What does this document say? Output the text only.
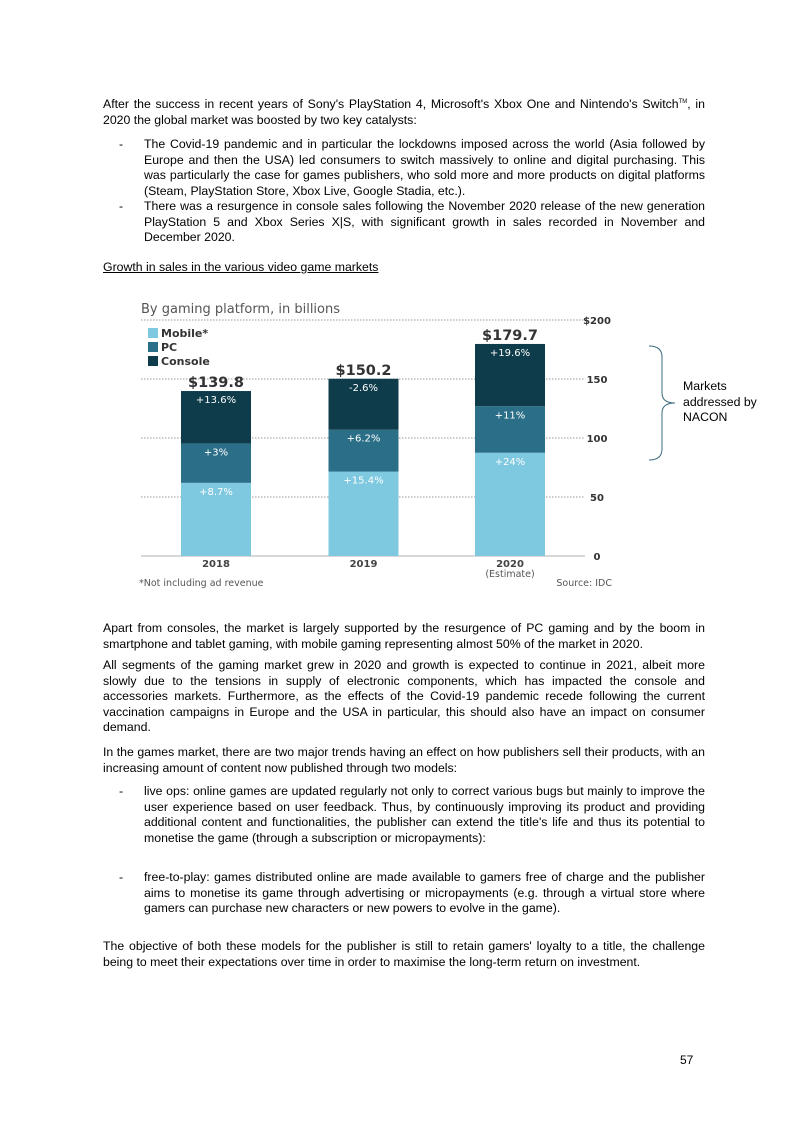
After the success in recent years of Sony's PlayStation 4, Microsoft's Xbox One and Nintendo's Switch™, in 2020 the global market was boosted by two key catalysts:

- The Covid-19 pandemic and in particular the lockdowns imposed across the world (Asia followed by Europe and then the USA) led consumers to switch massively to online and digital purchasing. This was particularly the case for games publishers, who sold more and more products on digital platforms (Steam, PlayStation Store, Xbox Live, Google Stadia, etc.).
- There was a resurgence in console sales following the November 2020 release of the new generation PlayStation 5 and Xbox Series X|S, with significant growth in sales recorded in November and December 2020.
Growth in sales in the various video game markets
By gaming platform, in billions
Mobile*
PC
Console
0
50
100
150
$200
+8.7%
+3%
+13.6%
$139.8
+15.4%
+6.2%
-2.6%
$150.2
+24%
+11%
+19.6%
$179.7
2018	2019	2020
(Estimate)
*Not including ad revenue	Source: IDC
Markets addressed by NACON

Apart from consoles, the market is largely supported by the resurgence of PC gaming and by the boom in smartphone and tablet gaming, with mobile gaming representing almost 50% of the market in 2020.

All segments of the gaming market grew in 2020 and growth is expected to continue in 2021, albeit more slowly due to the tensions in supply of electronic components, which has impacted the console and accessories markets. Furthermore, as the effects of the Covid-19 pandemic recede following the current vaccination campaigns in Europe and the USA in particular, this should also have an impact on consumer demand.

In the games market, there are two major trends having an effect on how publishers sell their products, with an increasing amount of content now published through two models:

- live ops: online games are updated regularly not only to correct various bugs but mainly to improve the user experience based on user feedback. Thus, by continuously improving its product and providing additional content and functionalities, the publisher can extend the title's life and thus its potential to monetise the game (through a subscription or micropayments):
- free-to-play: games distributed online are made available to gamers free of charge and the publisher aims to monetise its game through advertising or micropayments (e.g. through a virtual store where gamers can purchase new characters or new powers to evolve in the game).

The objective of both these models for the publisher is still to retain gamers' loyalty to a title, the challenge being to meet their expectations over time in order to maximise the long-term return on investment.

57
